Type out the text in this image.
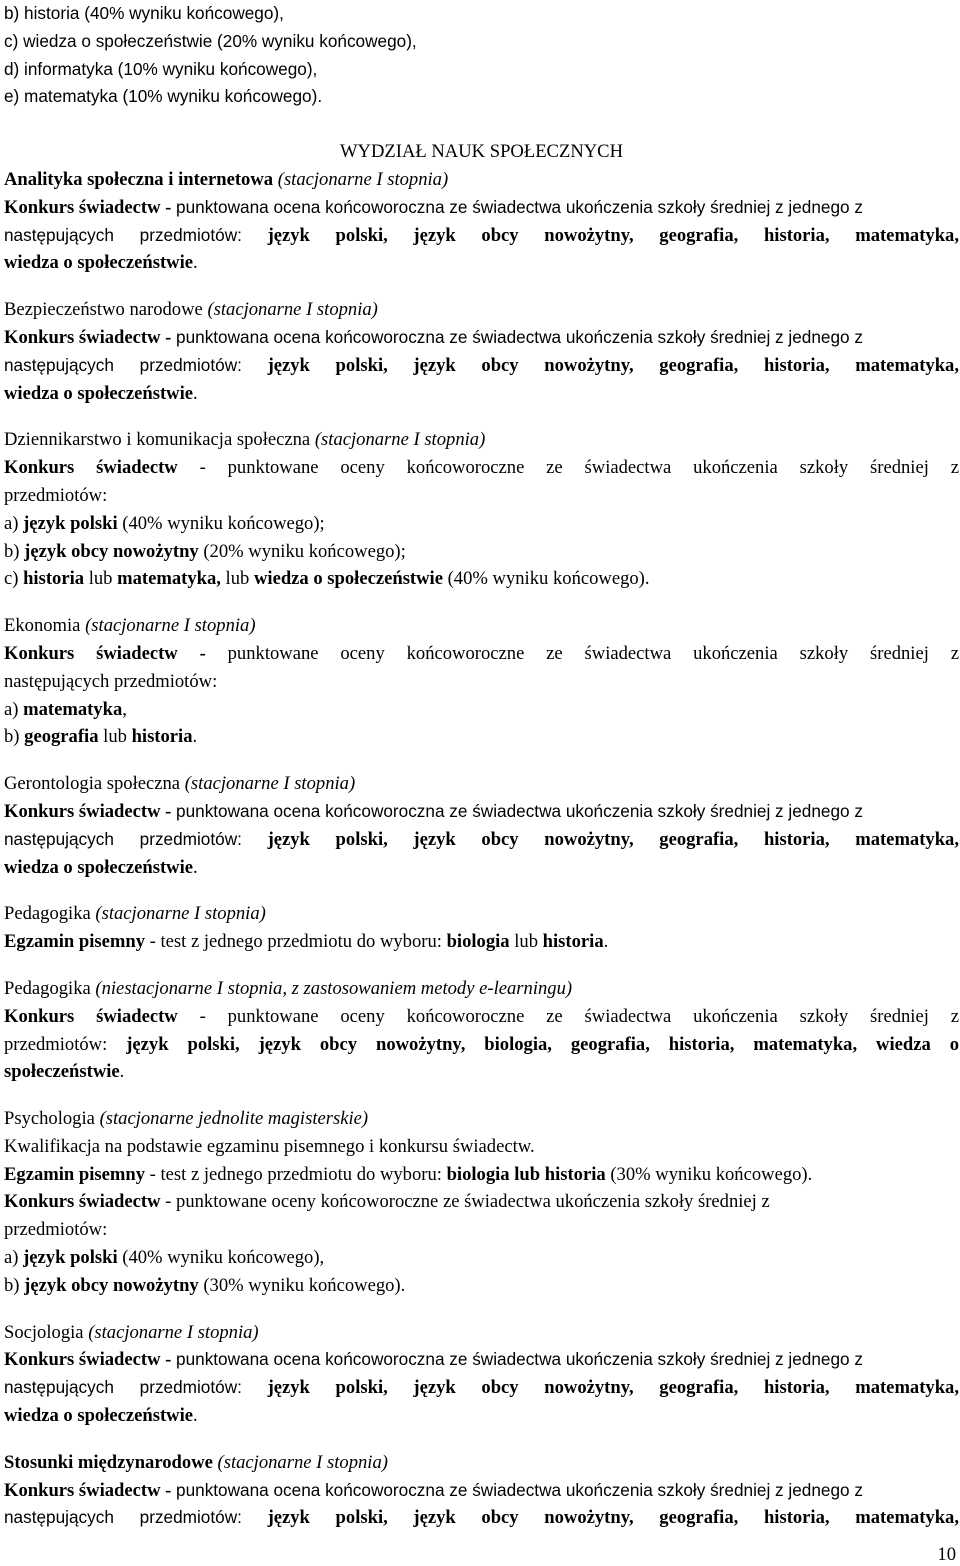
b) historia (40% wyniku końcowego),
c) wiedza o społeczeństwie (20% wyniku końcowego),
d) informatyka (10% wyniku końcowego),
e) matematyka (10% wyniku końcowego).
WYDZIAŁ NAUK SPOŁECZNYCH
Analityka społeczna i internetowa (stacjonarne I stopnia)
Konkurs świadectw - punktowana ocena końcoworoczna ze świadectwa ukończenia szkoły średniej z jednego z
następujących przedmiotów: język polski, język obcy nowożytny, geografia, historia, matematyka,
wiedza o społeczeństwie.
Bezpieczeństwo narodowe (stacjonarne I stopnia)
Konkurs świadectw - punktowana ocena końcoworoczna ze świadectwa ukończenia szkoły średniej z jednego z
następujących przedmiotów: język polski, język obcy nowożytny, geografia, historia, matematyka,
wiedza o społeczeństwie.
Dziennikarstwo i komunikacja społeczna (stacjonarne I stopnia)
Konkurs świadectw - punktowane oceny końcoworoczne ze świadectwa ukończenia szkoły średniej z
przedmiotów:
a) język polski (40% wyniku końcowego);
b) język obcy nowożytny (20% wyniku końcowego);
c) historia lub matematyka, lub wiedza o społeczeństwie (40% wyniku końcowego).
Ekonomia (stacjonarne I stopnia)
Konkurs świadectw - punktowane oceny końcoworoczne ze świadectwa ukończenia szkoły średniej z
następujących przedmiotów:
a) matematyka,
b) geografia lub historia.
Gerontologia społeczna (stacjonarne I stopnia)
Konkurs świadectw - punktowana ocena końcoworoczna ze świadectwa ukończenia szkoły średniej z jednego z
następujących przedmiotów: język polski, język obcy nowożytny, geografia, historia, matematyka,
wiedza o społeczeństwie.
Pedagogika (stacjonarne I stopnia)
Egzamin pisemny - test z jednego przedmiotu do wyboru: biologia lub historia.
Pedagogika (niestacjonarne I stopnia, z zastosowaniem metody e-learningu)
Konkurs świadectw - punktowane oceny końcoworoczne ze świadectwa ukończenia szkoły średniej z
przedmiotów: język polski, język obcy nowożytny, biologia, geografia, historia, matematyka, wiedza o
społeczeństwie.
Psychologia (stacjonarne jednolite magisterskie)
Kwalifikacja na podstawie egzaminu pisemnego i konkursu świadectw.
Egzamin pisemny - test z jednego przedmiotu do wyboru: biologia lub historia (30% wyniku końcowego).
Konkurs świadectw - punktowane oceny końcoworoczne ze świadectwa ukończenia szkoły średniej z
przedmiotów:
a) język polski (40% wyniku końcowego),
b) język obcy nowożytny (30% wyniku końcowego).
Socjologia (stacjonarne I stopnia)
Konkurs świadectw - punktowana ocena końcoworoczna ze świadectwa ukończenia szkoły średniej z jednego z
następujących przedmiotów: język polski, język obcy nowożytny, geografia, historia, matematyka,
wiedza o społeczeństwie.
Stosunki międzynarodowe (stacjonarne I stopnia)
Konkurs świadectw - punktowana ocena końcoworoczna ze świadectwa ukończenia szkoły średniej z jednego z
następujących przedmiotów: język polski, język obcy nowożytny, geografia, historia, matematyka,
10
